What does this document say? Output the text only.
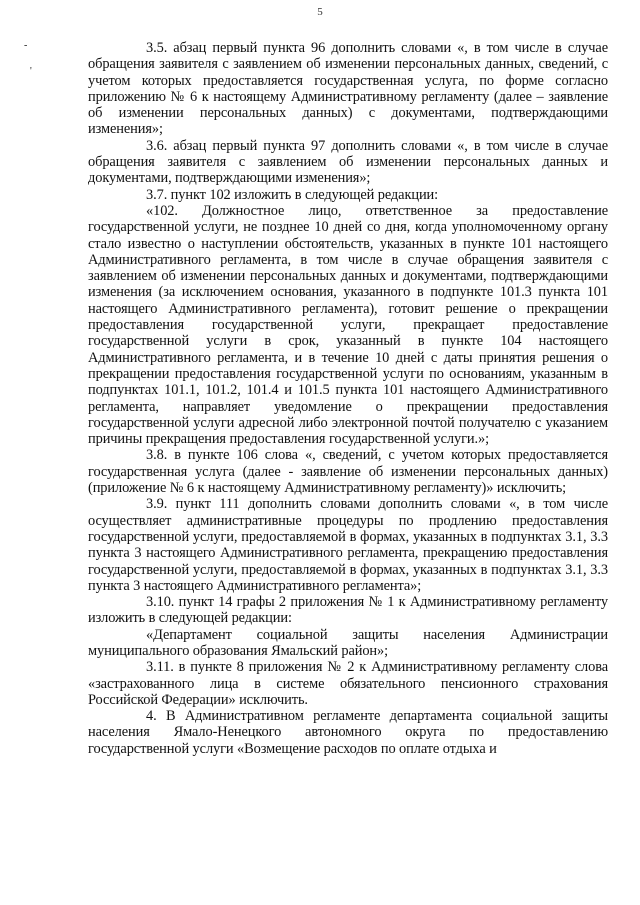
5
-
'

3.5. абзац первый пункта 96 дополнить словами «, в том числе в случае обращения заявителя с заявлением об изменении персональных данных, сведений, с учетом которых предоставляется государственная услуга, по форме согласно приложению № 6 к настоящему Административному регламенту (далее – заявление об изменении персональных данных) с документами, подтверждающими изменения»;

3.6. абзац первый пункта 97 дополнить словами «, в том числе в случае обращения заявителя с заявлением об изменении персональных данных и документами, подтверждающими изменения»;

3.7. пункт 102 изложить в следующей редакции:

«102. Должностное лицо, ответственное за предоставление государственной услуги, не позднее 10 дней со дня, когда уполномоченному органу стало известно о наступлении обстоятельств, указанных в пункте 101 настоящего Административного регламента, в том числе в случае обращения заявителя с заявлением об изменении персональных данных и документами, подтверждающими изменения (за исключением основания, указанного в подпункте 101.3 пункта 101 настоящего Административного регламента), готовит решение о прекращении предоставления государственной услуги, прекращает предоставление государственной услуги в срок, указанный в пункте 104 настоящего Административного регламента, и в течение 10 дней с даты принятия решения о прекращении предоставления государственной услуги по основаниям, указанным в подпунктах 101.1, 101.2, 101.4 и 101.5 пункта 101 настоящего Административного регламента, направляет уведомление о прекращении предоставления государственной услуги адресной либо электронной почтой получателю с указанием причины прекращения предоставления государственной услуги.»;

3.8. в пункте 106 слова «, сведений, с учетом которых предоставляется государственная услуга (далее - заявление об изменении персональных данных) (приложение № 6 к настоящему Административному регламенту)» исключить;

3.9. пункт 111 дополнить словами дополнить словами «, в том числе осуществляет административные процедуры по продлению предоставления государственной услуги, предоставляемой в формах, указанных в подпунктах 3.1, 3.3 пункта 3 настоящего Административного регламента, прекращению предоставления государственной услуги, предоставляемой в формах, указанных в подпунктах 3.1, 3.3 пункта 3 настоящего Административного регламента»;

3.10. пункт 14 графы 2 приложения № 1 к Административному регламенту изложить в следующей редакции:

«Департамент социальной защиты населения Администрации муниципального образования Ямальский район»;

3.11. в пункте 8 приложения № 2 к Административному регламенту слова «застрахованного лица в системе обязательного пенсионного страхования Российской Федерации» исключить.

4. В Административном регламенте департамента социальной защиты населения Ямало-Ненецкого автономного округа по предоставлению государственной услуги «Возмещение расходов по оплате отдыха и
